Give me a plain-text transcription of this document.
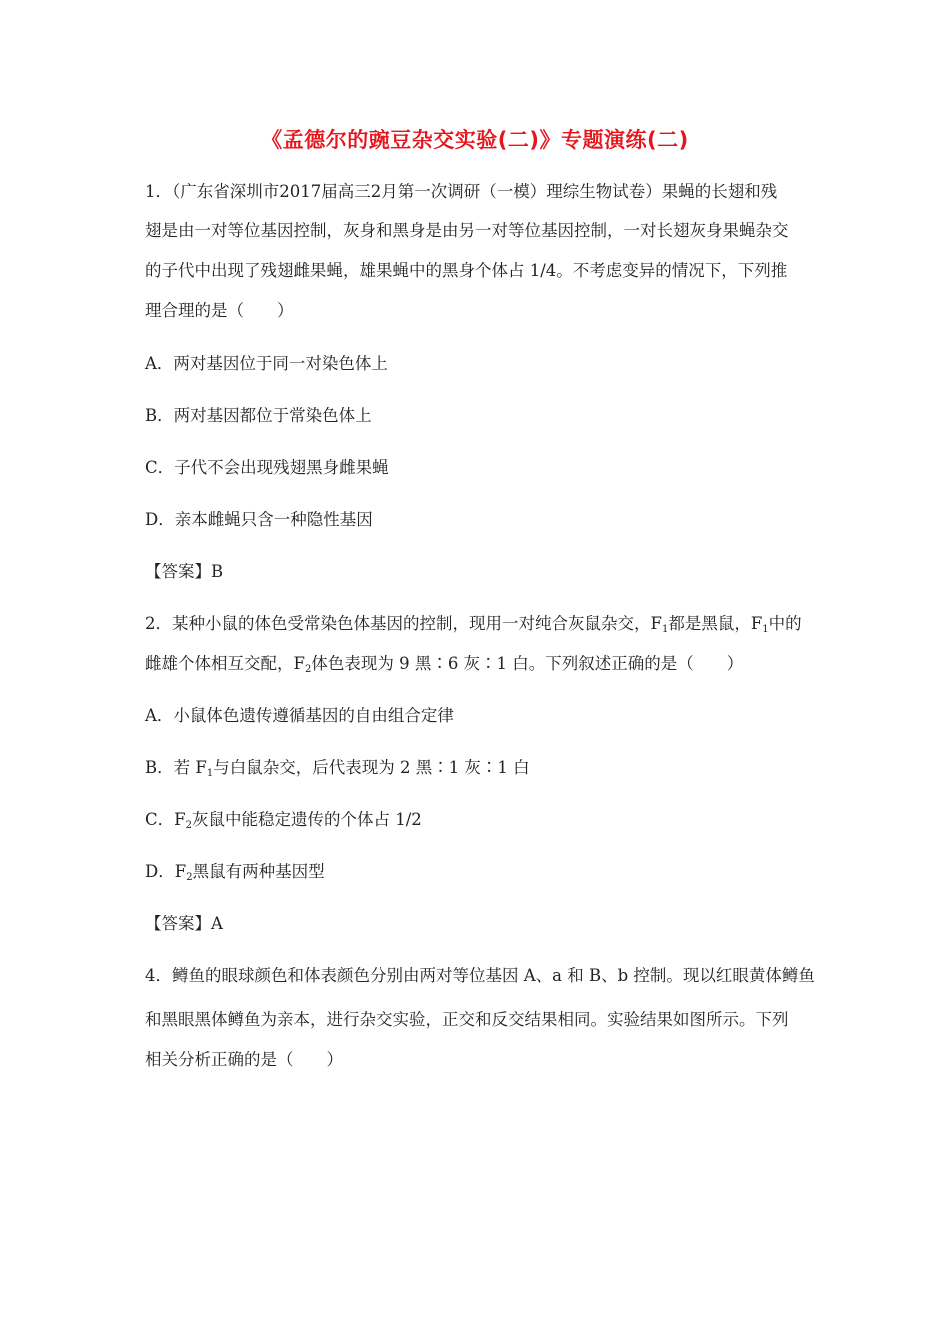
《孟德尔的豌豆杂交实验(二)》专题演练(二)
1．（广东省深圳市2017届高三2月第一次调研（一模）理综生物试卷）果蝇的长翅和残
翅是由一对等位基因控制，灰身和黑身是由另一对等位基因控制，一对长翅灰身果蝇杂交
的子代中出现了残翅雌果蝇，雄果蝇中的黑身个体占 1/4。不考虑变异的情况下，下列推
理合理的是（　　）
A．两对基因位于同一对染色体上
B．两对基因都位于常染色体上
C．子代不会出现残翅黑身雌果蝇
D．亲本雌蝇只含一种隐性基因
【答案】B
2．某种小鼠的体色受常染色体基因的控制，现用一对纯合灰鼠杂交，$F_1$都是黑鼠，$F_1$中的
雌雄个体相互交配，$F_2$体色表现为 9 黑∶6 灰∶1 白。下列叙述正确的是（　　）
A．小鼠体色遗传遵循基因的自由组合定律
B．若 $F_1$与白鼠杂交，后代表现为 2 黑∶1 灰∶1 白
C．$F_2$灰鼠中能稳定遗传的个体占 1/2
D．$F_2$黑鼠有两种基因型
【答案】A
4．鳟鱼的眼球颜色和体表颜色分别由两对等位基因 A、a 和 B、b 控制。现以红眼黄体鳟鱼
和黑眼黑体鳟鱼为亲本，进行杂交实验，正交和反交结果相同。实验结果如图所示。下列
相关分析正确的是（　　）
